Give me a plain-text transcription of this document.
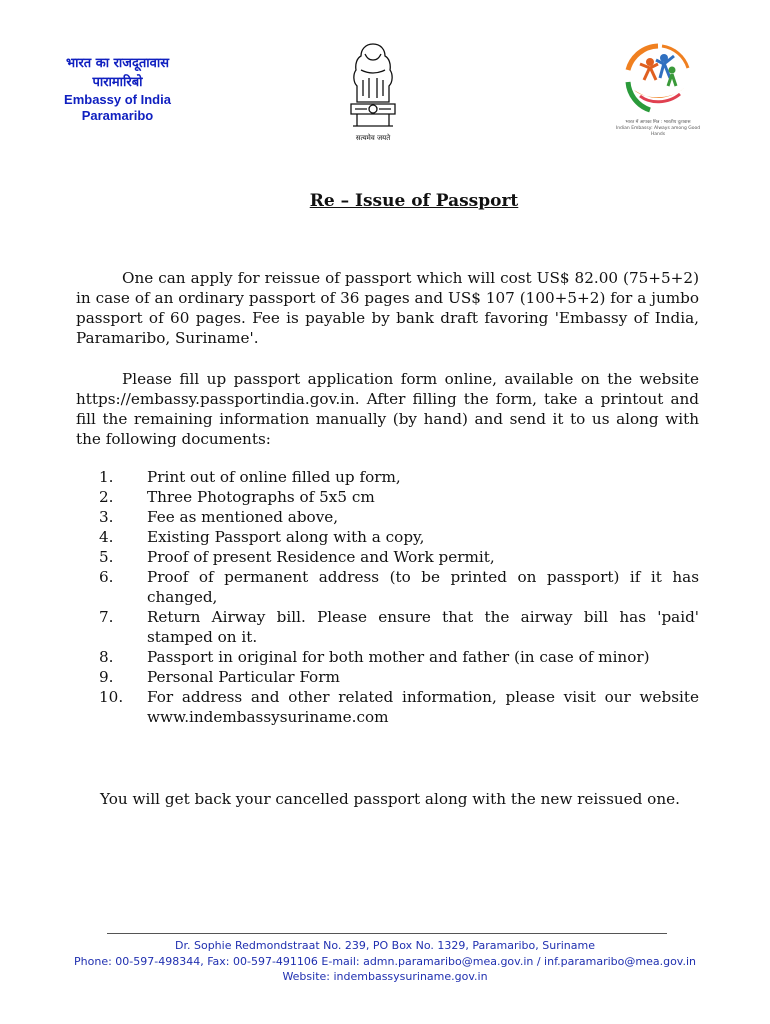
भारत का राजदूतावास
पारामारिबो
Embassy of India
Paramaribo
सत्यमेव जयते
भारत में आपका मित्र : भारतीय दूतावास
Indian Embassy: Always among Good Hands
Re – Issue of Passport

One can apply for reissue of passport which will cost US$ 82.00 (75+5+2) in case of an ordinary passport of 36 pages and US$ 107 (100+5+2) for a jumbo passport of 60 pages. Fee is payable by bank draft favoring 'Embassy of India, Paramaribo, Suriname'.

Please fill up passport application form online, available on the website https://embassy.passportindia.gov.in. After filling the form, take a printout and fill the remaining information manually (by hand) and send it to us along with the following documents:

1.	Print out of online filled up form,
2.	Three Photographs of 5x5 cm
3.	Fee as mentioned above,
4.	Existing Passport along with a copy,
5.	Proof of present Residence and Work permit,
6.	Proof of permanent address (to be printed on passport) if it has changed,
7.	Return Airway bill. Please ensure that the airway bill has 'paid' stamped on it.
8.	Passport in original for both mother and father (in case of minor)
9.	Personal Particular Form
10.	For address and other related information, please visit our website www.indembassysuriname.com

You will get back your cancelled passport along with the new reissued one.

Dr. Sophie Redmondstraat No. 239, PO Box No. 1329, Paramaribo, Suriname
Phone: 00-597-498344, Fax: 00-597-491106 E-mail: admn.paramaribo@mea.gov.in / inf.paramaribo@mea.gov.in
Website: indembassysuriname.gov.in
